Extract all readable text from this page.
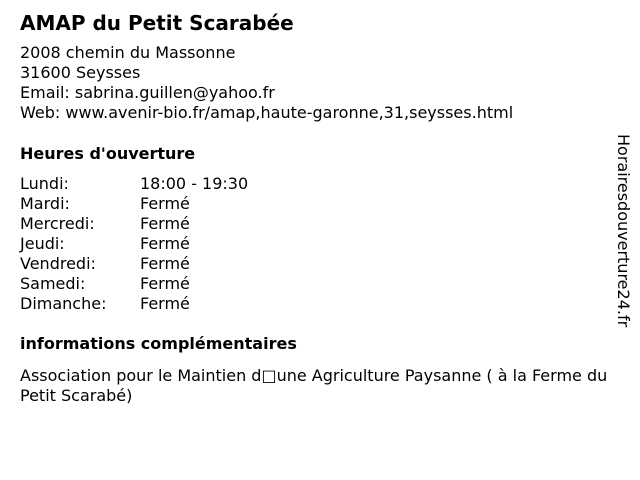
AMAP du Petit Scarabée
2008 chemin du Massonne
31600 Seysses
Email: sabrina.guillen@yahoo.fr
Web: www.avenir-bio.fr/amap,haute-garonne,31,seysses.html
Heures d'ouverture
Lundi:	18:00 - 19:30
Mardi:	Fermé
Mercredi:	Fermé
Jeudi:	Fermé
Vendredi:	Fermé
Samedi:	Fermé
Dimanche: Fermé
informations complémentaires
Association pour le Maintien d□une Agriculture Paysanne ( à la Ferme du Petit Scarabé)
Horairesdouverture24.fr
